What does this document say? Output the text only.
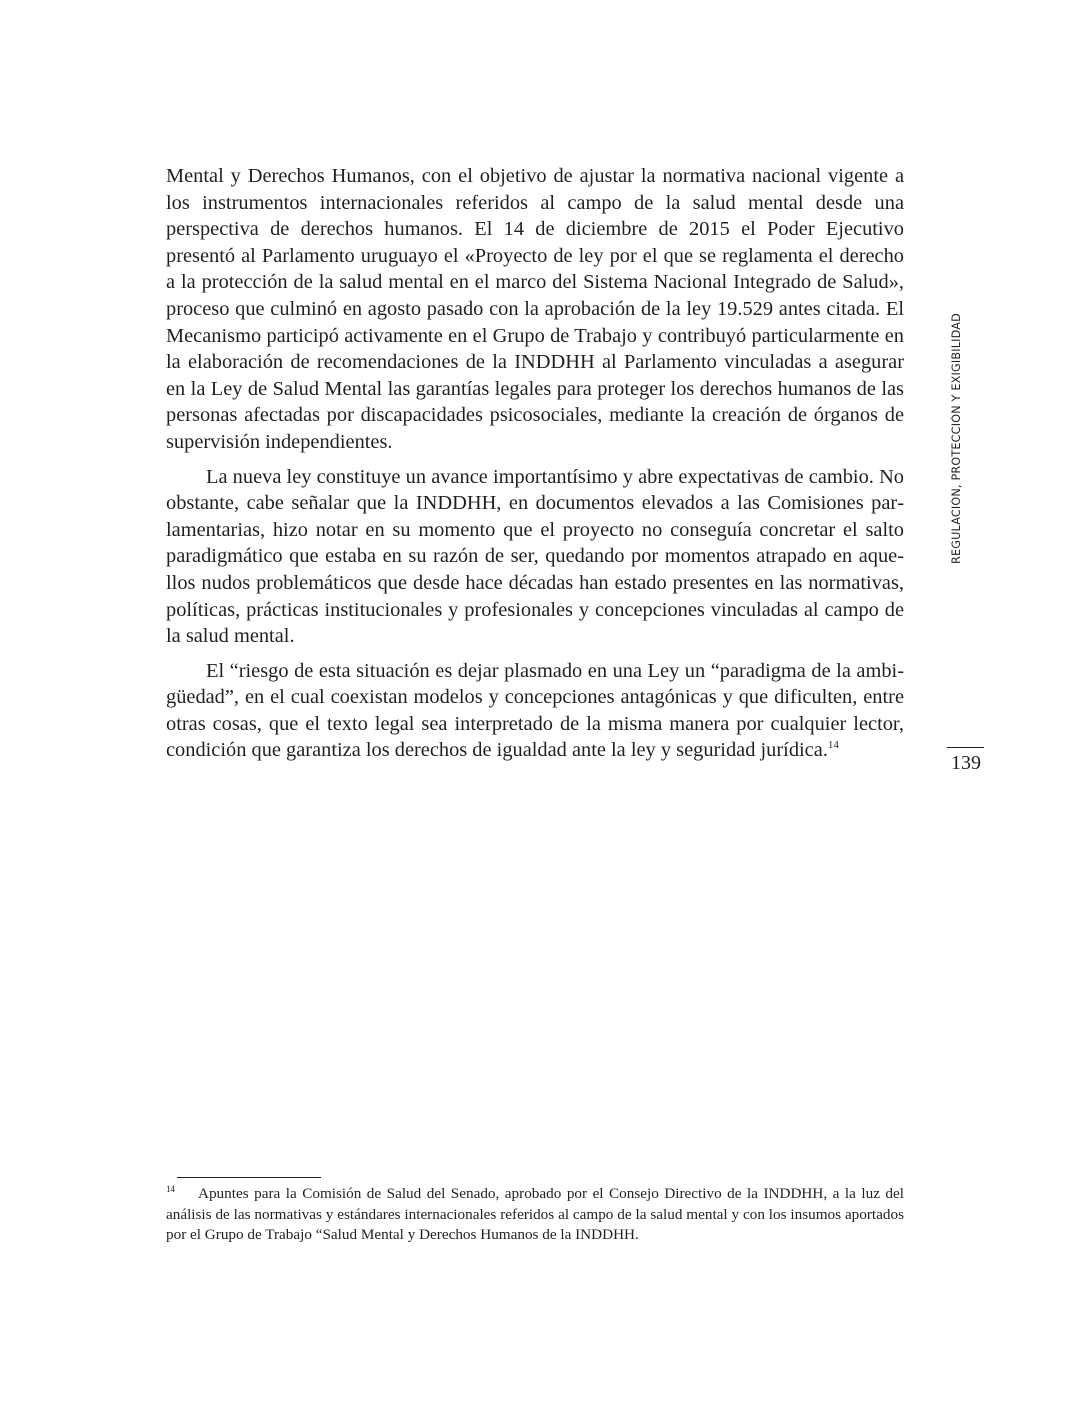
Mental y Derechos Humanos, con el objetivo de ajustar la normativa nacional vigente a los instrumentos internacionales referidos al campo de la salud mental desde una perspectiva de derechos humanos. El 14 de diciembre de 2015 el Poder Ejecutivo presentó al Parlamento uruguayo el «Proyecto de ley por el que se reglamenta el derecho a la protección de la salud mental en el marco del Sistema Nacional Integrado de Salud», proceso que culminó en agosto pasado con la aprobación de la ley 19.529 antes citada. El Mecanismo participó activamente en el Grupo de Trabajo y contribuyó particularmente en la elaboración de recomendaciones de la INDDHH al Parlamento vinculadas a asegurar en la Ley de Salud Mental las garantías legales para proteger los derechos humanos de las personas afectadas por discapacidades psicosociales, mediante la creación de órganos de supervisión independientes.

La nueva ley constituye un avance importantísimo y abre expectativas de cambio. No obstante, cabe señalar que la INDDHH, en documentos elevados a las Comisiones parlamentarias, hizo notar en su momento que el proyecto no conseguía concretar el salto paradigmático que estaba en su razón de ser, quedando por momentos atrapado en aquellos nudos problemáticos que desde hace décadas han estado presentes en las normativas, políticas, prácticas institucionales y profesionales y concepciones vinculadas al campo de la salud mental.

El “riesgo de esta situación es dejar plasmado en una Ley un “paradigma de la ambigüedad”, en el cual coexistan modelos y concepciones antagónicas y que dificulten, entre otras cosas, que el texto legal sea interpretado de la misma manera por cualquier lector, condición que garantiza los derechos de igualdad ante la ley y seguridad jurídica.$^{14}$

REGULACIÓN, PROTECCIÓN Y EXIGIBILIDAD
139
14 Apuntes para la Comisión de Salud del Senado, aprobado por el Consejo Directivo de la INDDHH, a la luz del análisis de las normativas y estándares internacionales referidos al campo de la salud mental y con los insumos aportados por el Grupo de Trabajo “Salud Mental y Derechos Humanos de la INDDHH.
